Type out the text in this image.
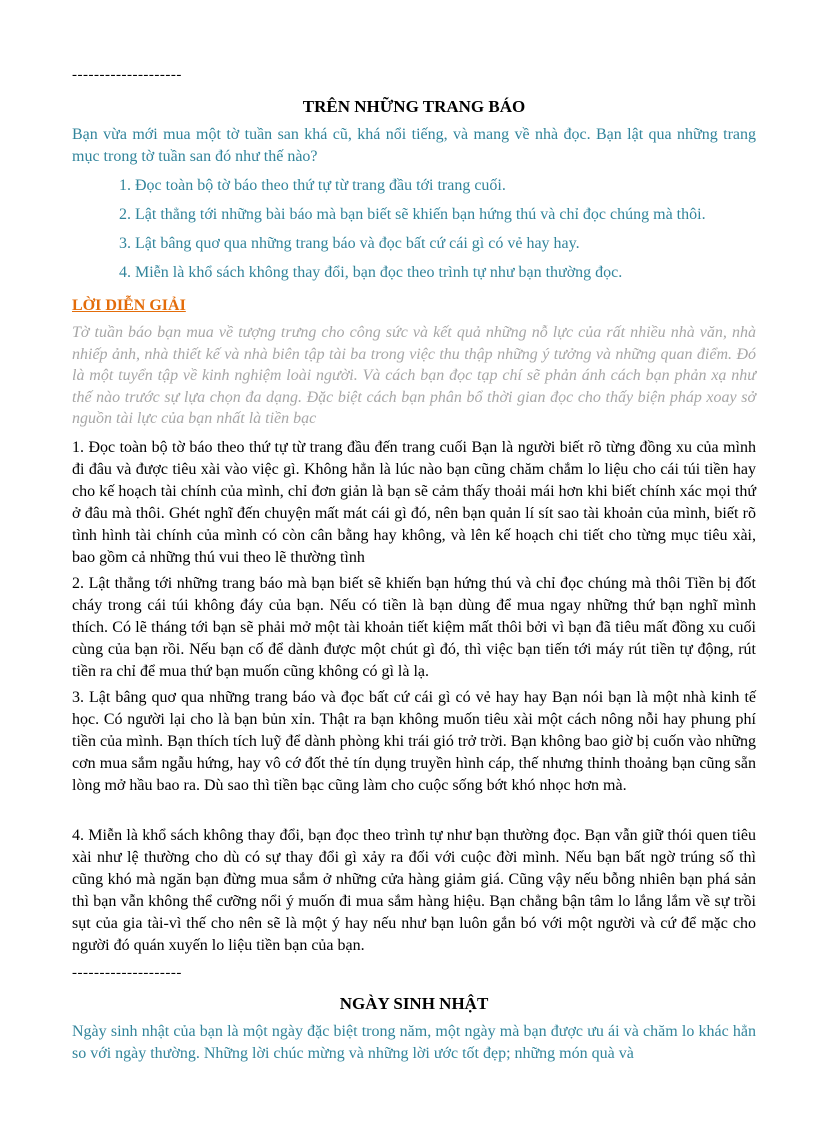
--------------------
TRÊN NHỮNG TRANG BÁO
Bạn vừa mới mua một tờ tuần san khá cũ, khá nổi tiếng, và mang về nhà đọc. Bạn lật qua những trang mục trong tờ tuần san đó như thế nào?
1. Đọc toàn bộ tờ báo theo thứ tự từ trang đầu tới trang cuối.
2. Lật thẳng tới những bài báo mà bạn biết sẽ khiến bạn hứng thú và chỉ đọc chúng mà thôi.
3. Lật bâng quơ qua những trang báo và đọc bất cứ cái gì có vẻ hay hay.
4. Miễn là khổ sách không thay đổi, bạn đọc theo trình tự như bạn thường đọc.
LỜI DIỄN GIẢI
Tờ tuần báo bạn mua về tượng trưng cho công sức và kết quả những nỗ lực của rất nhiều nhà văn, nhà nhiếp ảnh, nhà thiết kế và nhà biên tập tài ba trong việc thu thập những ý tưởng và những quan điểm. Đó là một tuyển tập về kinh nghiệm loài người. Và cách bạn đọc tạp chí sẽ phản ánh cách bạn phản xạ như thế nào trước sự lựa chọn đa dạng. Đặc biệt cách bạn phân bổ thời gian đọc cho thấy biện pháp xoay sở nguồn tài lực của bạn nhất là tiền bạc
1. Đọc toàn bộ tờ báo theo thứ tự từ trang đầu đến trang cuối Bạn là người biết rõ từng đồng xu của mình đi đâu và được tiêu xài vào việc gì. Không hẳn là lúc nào bạn cũng chăm chắm lo liệu cho cái túi tiền hay cho kế hoạch tài chính của mình, chỉ đơn giản là bạn sẽ cảm thấy thoải mái hơn khi biết chính xác mọi thứ ở đâu mà thôi. Ghét nghĩ đến chuyện mất mát cái gì đó, nên bạn quản lí sít sao tài khoản của mình, biết rõ tình hình tài chính của mình có còn cân bằng hay không, và lên kế hoạch chi tiết cho từng mục tiêu xài, bao gồm cả những thú vui theo lẽ thường tình
2. Lật thẳng tới những trang báo mà bạn biết sẽ khiến bạn hứng thú và chỉ đọc chúng mà thôi Tiền bị đốt cháy trong cái túi không đáy của bạn. Nếu có tiền là bạn dùng để mua ngay những thứ bạn nghĩ mình thích. Có lẽ tháng tới bạn sẽ phải mở một tài khoản tiết kiệm mất thôi bởi vì bạn đã tiêu mất đồng xu cuối cùng của bạn rồi. Nếu bạn cố để dành được một chút gì đó, thì việc bạn tiến tới máy rút tiền tự động, rút tiền ra chỉ để mua thứ bạn muốn cũng không có gì là lạ.
3. Lật bâng quơ qua những trang báo và đọc bất cứ cái gì có vẻ hay hay Bạn nói bạn là một nhà kinh tế học. Có người lại cho là bạn bủn xỉn. Thật ra bạn không muốn tiêu xài một cách nông nỗi hay phung phí tiền của mình. Bạn thích tích luỹ để dành phòng khi trái gió trở trời. Bạn không bao giờ bị cuốn vào những cơn mua sắm ngẫu hứng, hay vô cớ đốt thẻ tín dụng truyền hình cáp, thế nhưng thỉnh thoảng bạn cũng sẵn lòng mở hầu bao ra. Dù sao thì tiền bạc cũng làm cho cuộc sống bớt khó nhọc hơn mà.
4. Miễn là khổ sách không thay đổi, bạn đọc theo trình tự như bạn thường đọc. Bạn vẫn giữ thói quen tiêu xài như lệ thường cho dù có sự thay đổi gì xảy ra đối với cuộc đời mình. Nếu bạn bất ngờ trúng số thì cũng khó mà ngăn bạn đừng mua sắm ở những cửa hàng giảm giá. Cũng vậy nếu bỗng nhiên bạn phá sản thì bạn vẫn không thể cưỡng nổi ý muốn đi mua sắm hàng hiệu. Bạn chẳng bận tâm lo lắng lắm về sự trồi sụt của gia tài-vì thế cho nên sẽ là một ý hay nếu như bạn luôn gắn bó với một người và cứ để mặc cho người đó quán xuyến lo liệu tiền bạn của bạn.
--------------------
NGÀY SINH NHẬT
Ngày sinh nhật của bạn là một ngày đặc biệt trong năm, một ngày mà bạn được ưu ái và chăm lo khác hẳn so với ngày thường. Những lời chúc mừng và những lời ước tốt đẹp; những món quà và
